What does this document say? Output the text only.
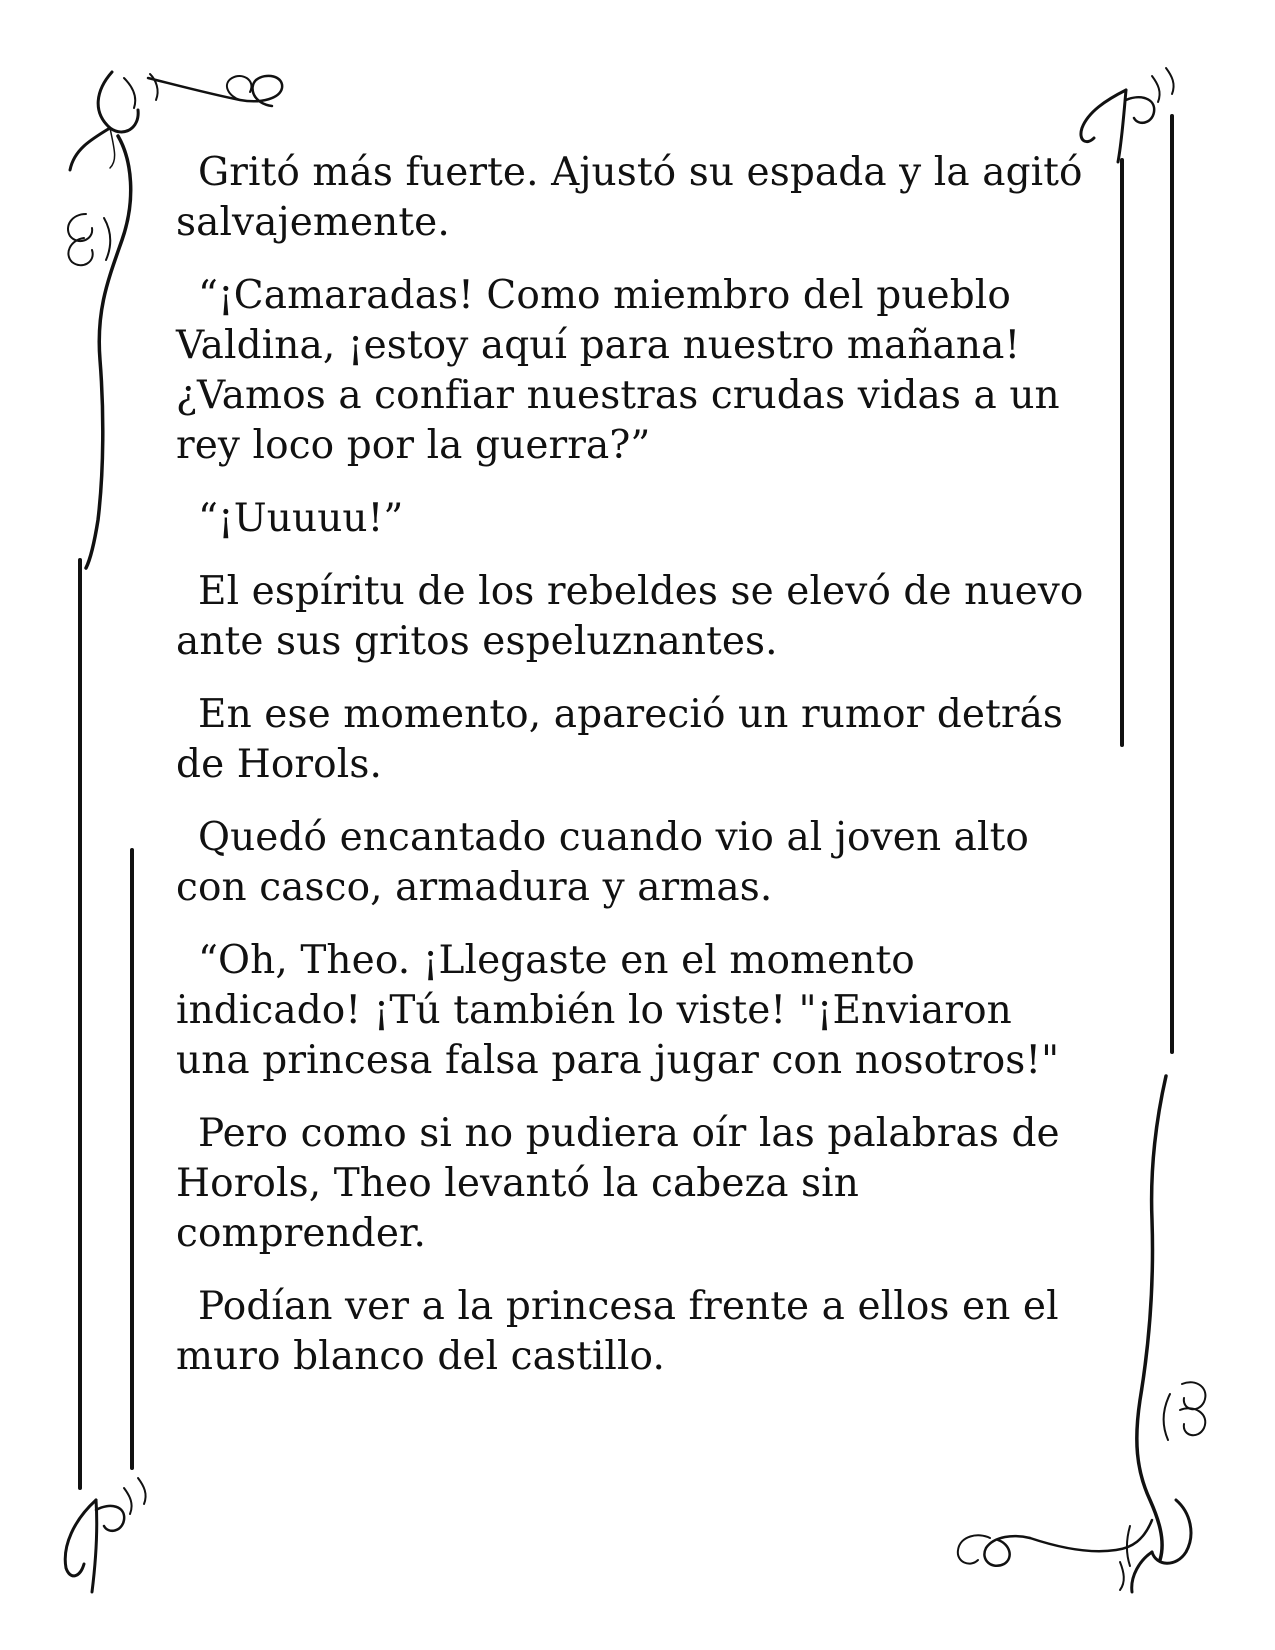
Gritó más fuerte. Ajustó su espada y la agitó salvajemente.

“¡Camaradas! Como miembro del pueblo Valdina, ¡estoy aquí para nuestro mañana! ¿Vamos a confiar nuestras crudas vidas a un rey loco por la guerra?”

“¡Uuuuu!”

El espíritu de los rebeldes se elevó de nuevo ante sus gritos espeluznantes.

En ese momento, apareció un rumor detrás de Horols.

Quedó encantado cuando vio al joven alto con casco, armadura y armas.

“Oh, Theo. ¡Llegaste en el momento indicado! ¡Tú también lo viste! "¡Enviaron una princesa falsa para jugar con nosotros!"

Pero como si no pudiera oír las palabras de Horols, Theo levantó la cabeza sin comprender.

Podían ver a la princesa frente a ellos en el muro blanco del castillo.
